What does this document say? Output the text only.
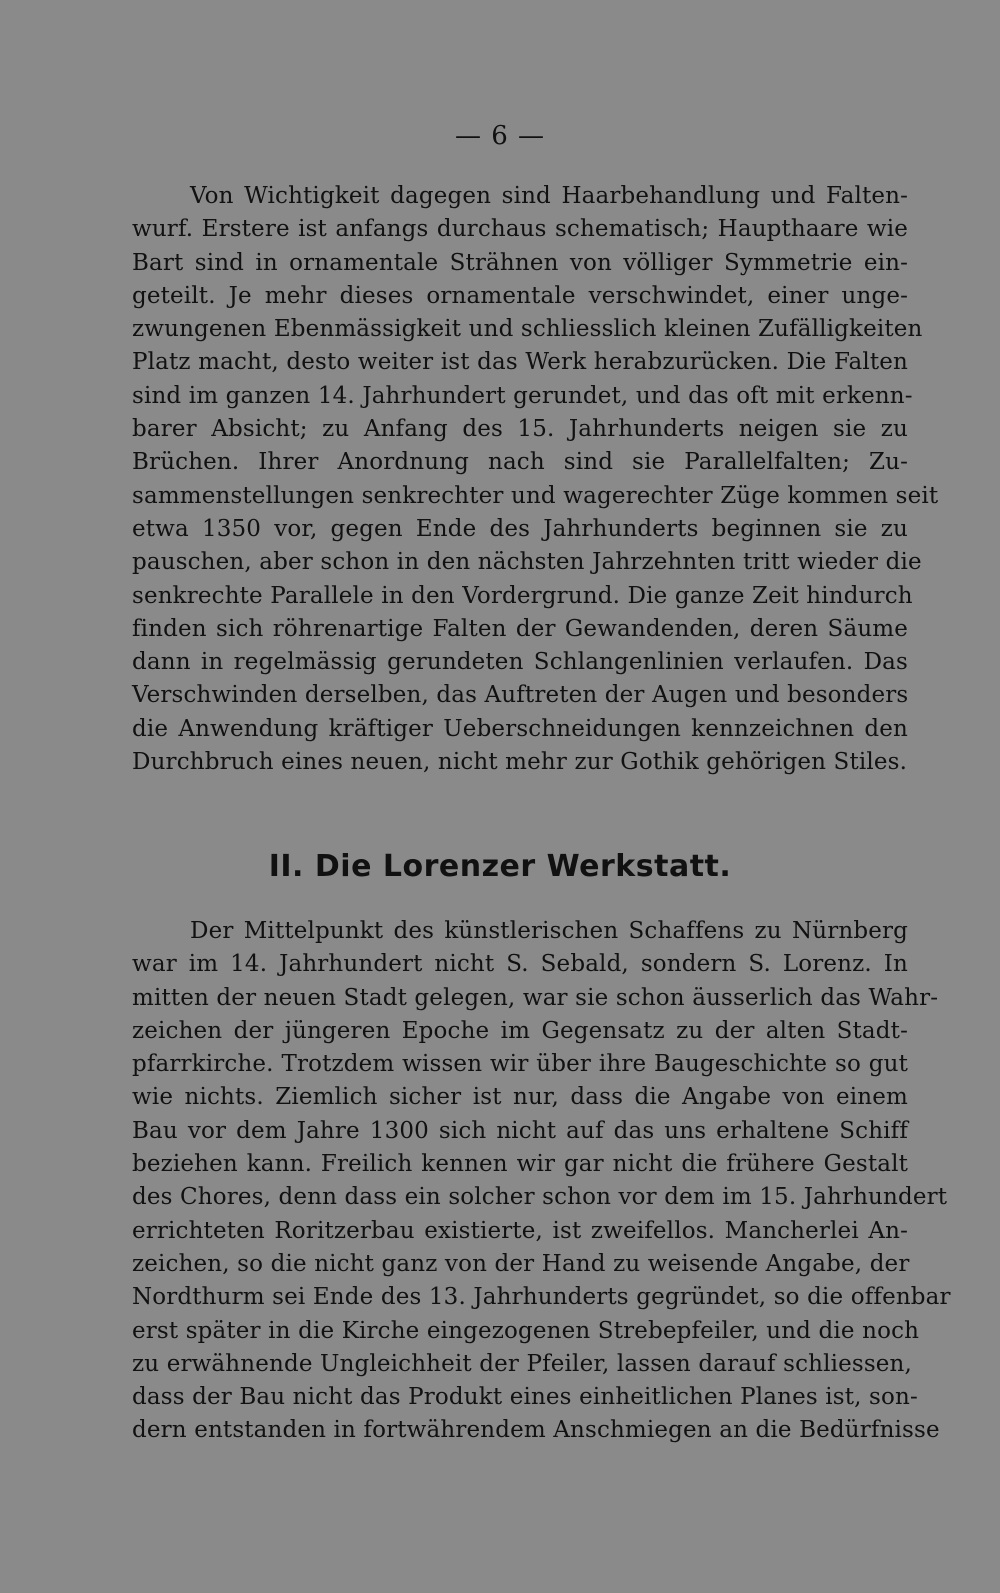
— 6 —
Von Wichtigkeit dagegen sind Haarbehandlung und Falten-
wurf. Erstere ist anfangs durchaus schematisch; Haupthaare wie
Bart sind in ornamentale Strähnen von völliger Symmetrie ein-
geteilt. Je mehr dieses ornamentale verschwindet, einer unge-
zwungenen Ebenmässigkeit und schliesslich kleinen Zufälligkeiten
Platz macht, desto weiter ist das Werk herabzurücken. Die Falten
sind im ganzen 14. Jahrhundert gerundet, und das oft mit erkenn-
barer Absicht; zu Anfang des 15. Jahrhunderts neigen sie zu
Brüchen. Ihrer Anordnung nach sind sie Parallelfalten; Zu-
sammenstellungen senkrechter und wagerechter Züge kommen seit
etwa 1350 vor, gegen Ende des Jahrhunderts beginnen sie zu
pauschen, aber schon in den nächsten Jahrzehnten tritt wieder die
senkrechte Parallele in den Vordergrund. Die ganze Zeit hindurch
finden sich röhrenartige Falten der Gewandenden, deren Säume
dann in regelmässig gerundeten Schlangenlinien verlaufen. Das
Verschwinden derselben, das Auftreten der Augen und besonders
die Anwendung kräftiger Ueberschneidungen kennzeichnen den
Durchbruch eines neuen, nicht mehr zur Gothik gehörigen Stiles.
II. Die Lorenzer Werkstatt.
Der Mittelpunkt des künstlerischen Schaffens zu Nürnberg
war im 14. Jahrhundert nicht S. Sebald, sondern S. Lorenz. In
mitten der neuen Stadt gelegen, war sie schon äusserlich das Wahr-
zeichen der jüngeren Epoche im Gegensatz zu der alten Stadt-
pfarrkirche. Trotzdem wissen wir über ihre Baugeschichte so gut
wie nichts. Ziemlich sicher ist nur, dass die Angabe von einem
Bau vor dem Jahre 1300 sich nicht auf das uns erhaltene Schiff
beziehen kann. Freilich kennen wir gar nicht die frühere Gestalt
des Chores, denn dass ein solcher schon vor dem im 15. Jahrhundert
errichteten Roritzerbau existierte, ist zweifellos. Mancherlei An-
zeichen, so die nicht ganz von der Hand zu weisende Angabe, der
Nordthurm sei Ende des 13. Jahrhunderts gegründet, so die offenbar
erst später in die Kirche eingezogenen Strebepfeiler, und die noch
zu erwähnende Ungleichheit der Pfeiler, lassen darauf schliessen,
dass der Bau nicht das Produkt eines einheitlichen Planes ist, son-
dern entstanden in fortwährendem Anschmiegen an die Bedürfnisse
